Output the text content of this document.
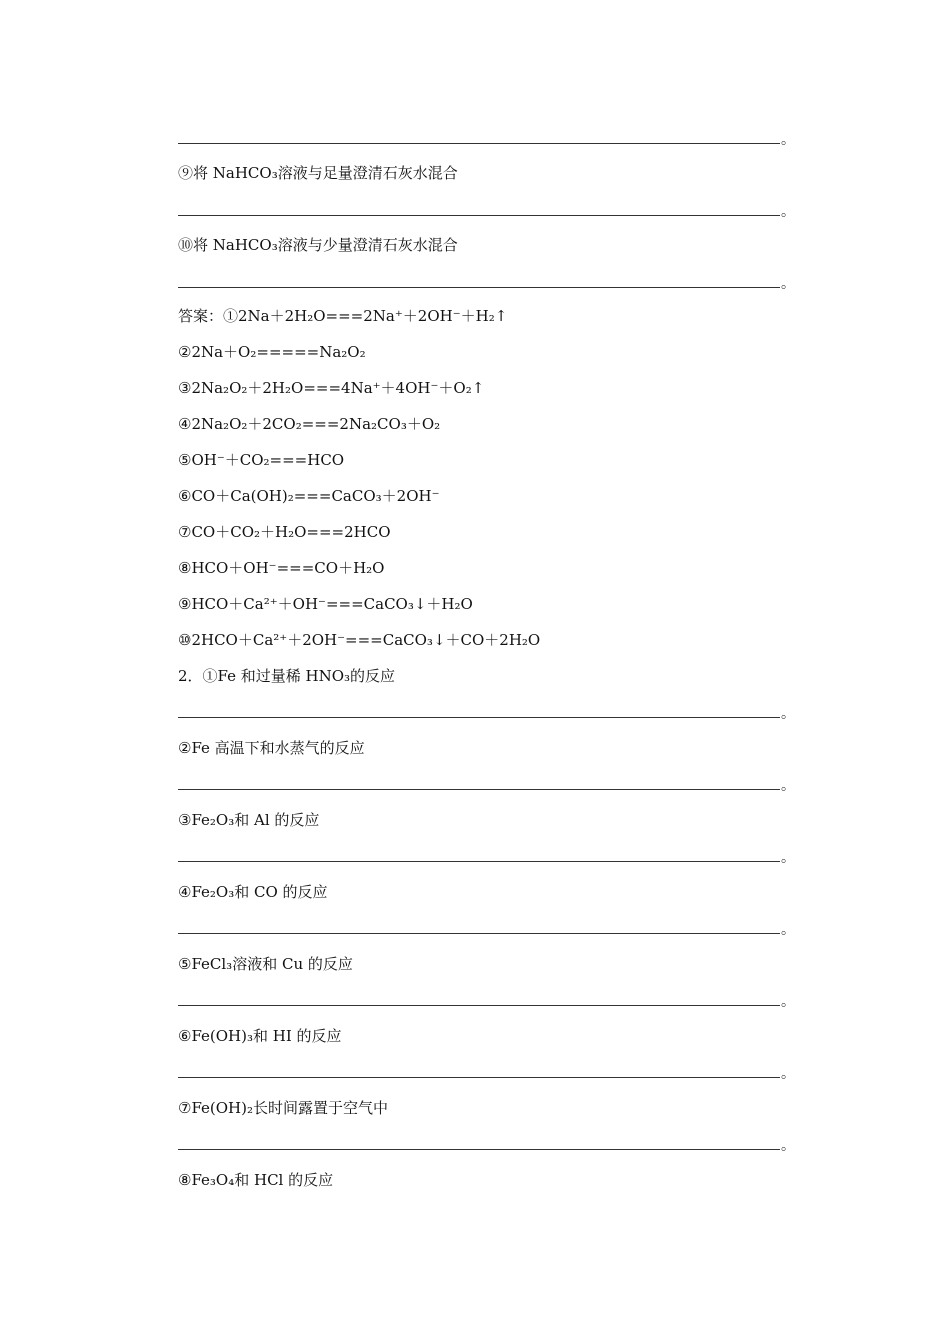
。
⑨将 NaHCO₃溶液与足量澄清石灰水混合
。
⑩将 NaHCO₃溶液与少量澄清石灰水混合
。
答案：①2Na＋2H₂O===2Na⁺＋2OH⁻＋H₂↑
②2Na＋O₂=====Na₂O₂
③2Na₂O₂＋2H₂O===4Na⁺＋4OH⁻＋O₂↑
④2Na₂O₂＋2CO₂===2Na₂CO₃＋O₂
⑤OH⁻＋CO₂===HCO
⑥CO＋Ca(OH)₂===CaCO₃＋2OH⁻
⑦CO＋CO₂＋H₂O===2HCO
⑧HCO＋OH⁻===CO＋H₂O
⑨HCO＋Ca²⁺＋OH⁻===CaCO₃↓＋H₂O
⑩2HCO＋Ca²⁺＋2OH⁻===CaCO₃↓＋CO＋2H₂O
2．①Fe 和过量稀 HNO₃的反应
。
②Fe 高温下和水蒸气的反应
。
③Fe₂O₃和 Al 的反应
。
④Fe₂O₃和 CO 的反应
。
⑤FeCl₃溶液和 Cu 的反应
。
⑥Fe(OH)₃和 HI 的反应
。
⑦Fe(OH)₂长时间露置于空气中
。
⑧Fe₃O₄和 HCl 的反应
